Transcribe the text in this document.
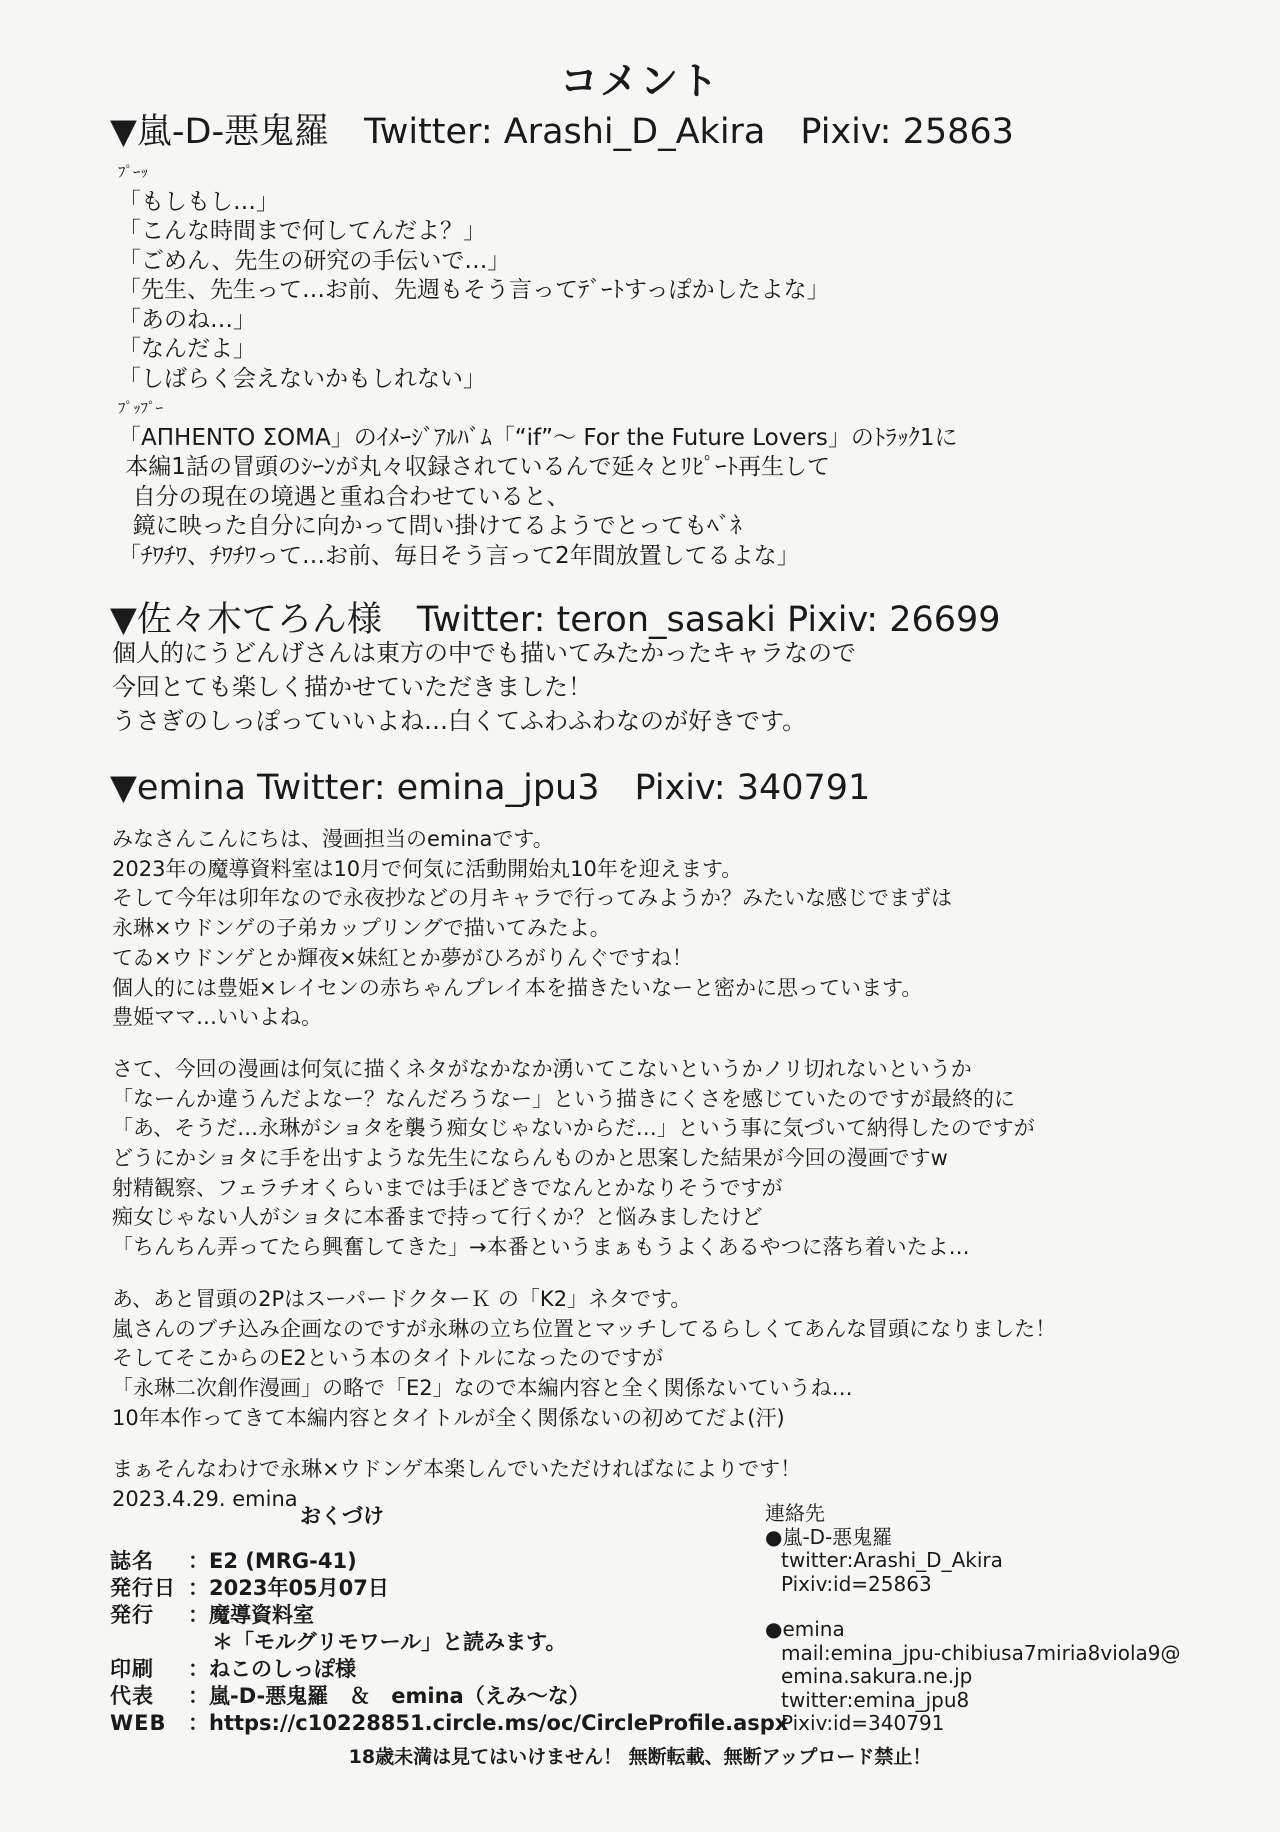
コメント
▼嵐-D-悪鬼羅　Twitter: Arashi_D_Akira　Pixiv: 25863
ﾌﾟｰｯ
「もしもし…」
「こんな時間まで何してんだよ？」
「ごめん、先生の研究の手伝いで…」
「先生、先生って…お前、先週もそう言ってﾃﾞｰﾄすっぽかしたよな」
「あのね…」
「なんだよ」
「しばらく会えないかもしれない」
ﾌﾟｯﾌﾟｰ
「ΑΠΗΕΝΤΟ ΣΟΜΑ」のｲﾒｰｼﾞｱﾙﾊﾞﾑ「“if”～ For the Future Lovers」のﾄﾗｯｸ1に
本編1話の冒頭のｼｰﾝが丸々収録されているんで延々とﾘﾋﾟｰﾄ再生して
自分の現在の境遇と重ね合わせていると、
鏡に映った自分に向かって問い掛けてるようでとってもﾍﾞﾈ
「ﾁﾜﾁﾜ、ﾁﾜﾁﾜって…お前、毎日そう言って2年間放置してるよな」
▼佐々木てろん様　Twitter: teron_sasaki Pixiv: 26699
個人的にうどんげさんは東方の中でも描いてみたかったキャラなので
今回とても楽しく描かせていただきました！
うさぎのしっぽっていいよね…白くてふわふわなのが好きです。
▼emina Twitter: emina_jpu3　Pixiv: 340791
みなさんこんにちは、漫画担当のeminaです。
2023年の魔導資料室は10月で何気に活動開始丸10年を迎えます。
そして今年は卯年なので永夜抄などの月キャラで行ってみようか？みたいな感じでまずは
永琳×ウドンゲの子弟カップリングで描いてみたよ。
てゐ×ウドンゲとか輝夜×妹紅とか夢がひろがりんぐですね！
個人的には豊姫×レイセンの赤ちゃんプレイ本を描きたいなーと密かに思っています。
豊姫ママ…いいよね。
さて、今回の漫画は何気に描くネタがなかなか湧いてこないというかノリ切れないというか
「なーんか違うんだよなー？なんだろうなー」という描きにくさを感じていたのですが最終的に
「あ、そうだ…永琳がショタを襲う痴女じゃないからだ…」という事に気づいて納得したのですが
どうにかショタに手を出すような先生にならんものかと思案した結果が今回の漫画ですw
射精観察、フェラチオくらいまでは手ほどきでなんとかなりそうですが
痴女じゃない人がショタに本番まで持って行くか？と悩みましたけど
「ちんちん弄ってたら興奮してきた」→本番というまぁもうよくあるやつに落ち着いたよ…
あ、あと冒頭の2PはスーパードクターＫ の「K2」ネタです。
嵐さんのブチ込み企画なのですが永琳の立ち位置とマッチしてるらしくてあんな冒頭になりました！
そしてそこからのE2という本のタイトルになったのですが
「永琳二次創作漫画」の略で「E2」なので本編内容と全く関係ないていうね…
10年本作ってきて本編内容とタイトルが全く関係ないの初めてだよ(汗)
まぁそんなわけで永琳×ウドンゲ本楽しんでいただければなによりです！
2023.4.29. emina
おくづけ
誌名	：E2 (MRG-41)
発行日 ：2023年05月07日
発行	：魔導資料室
＊「モルグリモワール」と読みます。
印刷	：ねこのしっぽ様
代表	：嵐-D-悪鬼羅　＆　emina（えみ～な）
WEB	：https://c10228851.circle.ms/oc/CircleProfile.aspx
連絡先
●嵐-D-悪鬼羅
twitter:Arashi_D_Akira
Pixiv:id=25863
●emina
mail:emina_jpu-chibiusa7miria8viola9@
emina.sakura.ne.jp
twitter:emina_jpu8
Pixiv:id=340791
18歳未満は見てはいけません！ 無断転載、無断アップロード禁止！
